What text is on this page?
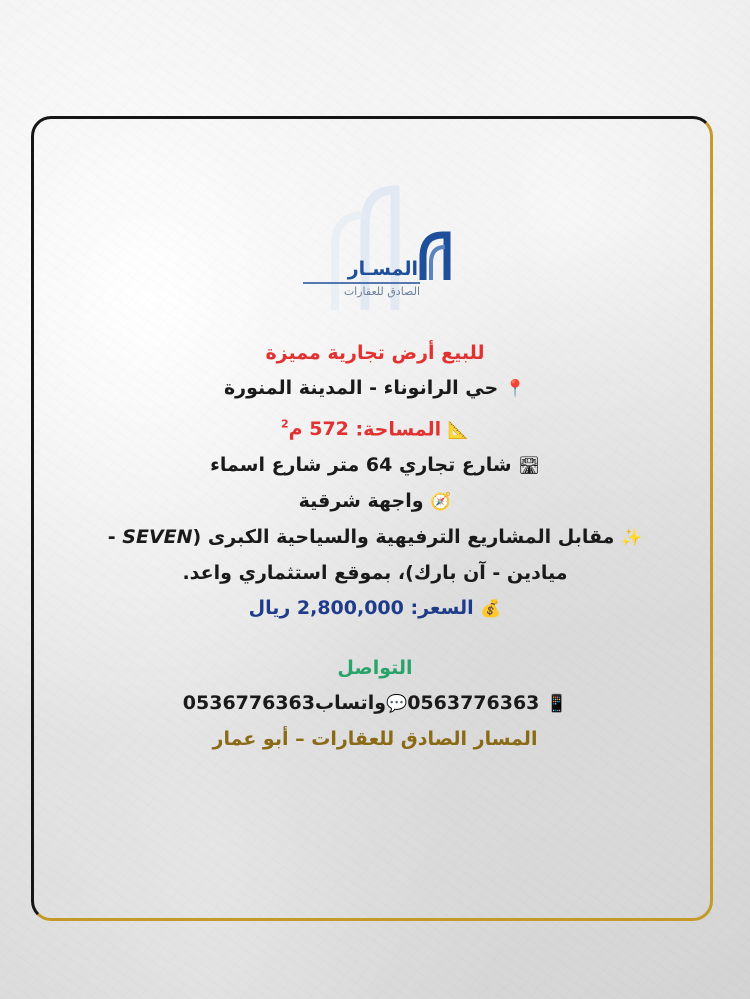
المسـار
الصادق للعقارات
للبيع أرض تجارية مميزة
📍 حي الرانوناء - المدينة المنورة
📐 المساحة: 572 م$^2$
🛣 شارع تجاري 64 متر شارع اسماء
🧭 واجهة شرقية
✨ مقابل المشاريع الترفيهية والسياحية الكبرى (SEVEN -
ميادين - آن بارك)، بموقع استثماري واعد.
💰 السعر: 2,800,000 ريال
التواصل
📱 0563776363💬واتساب0536776363
المسار الصادق للعقارات – أبو عمار
